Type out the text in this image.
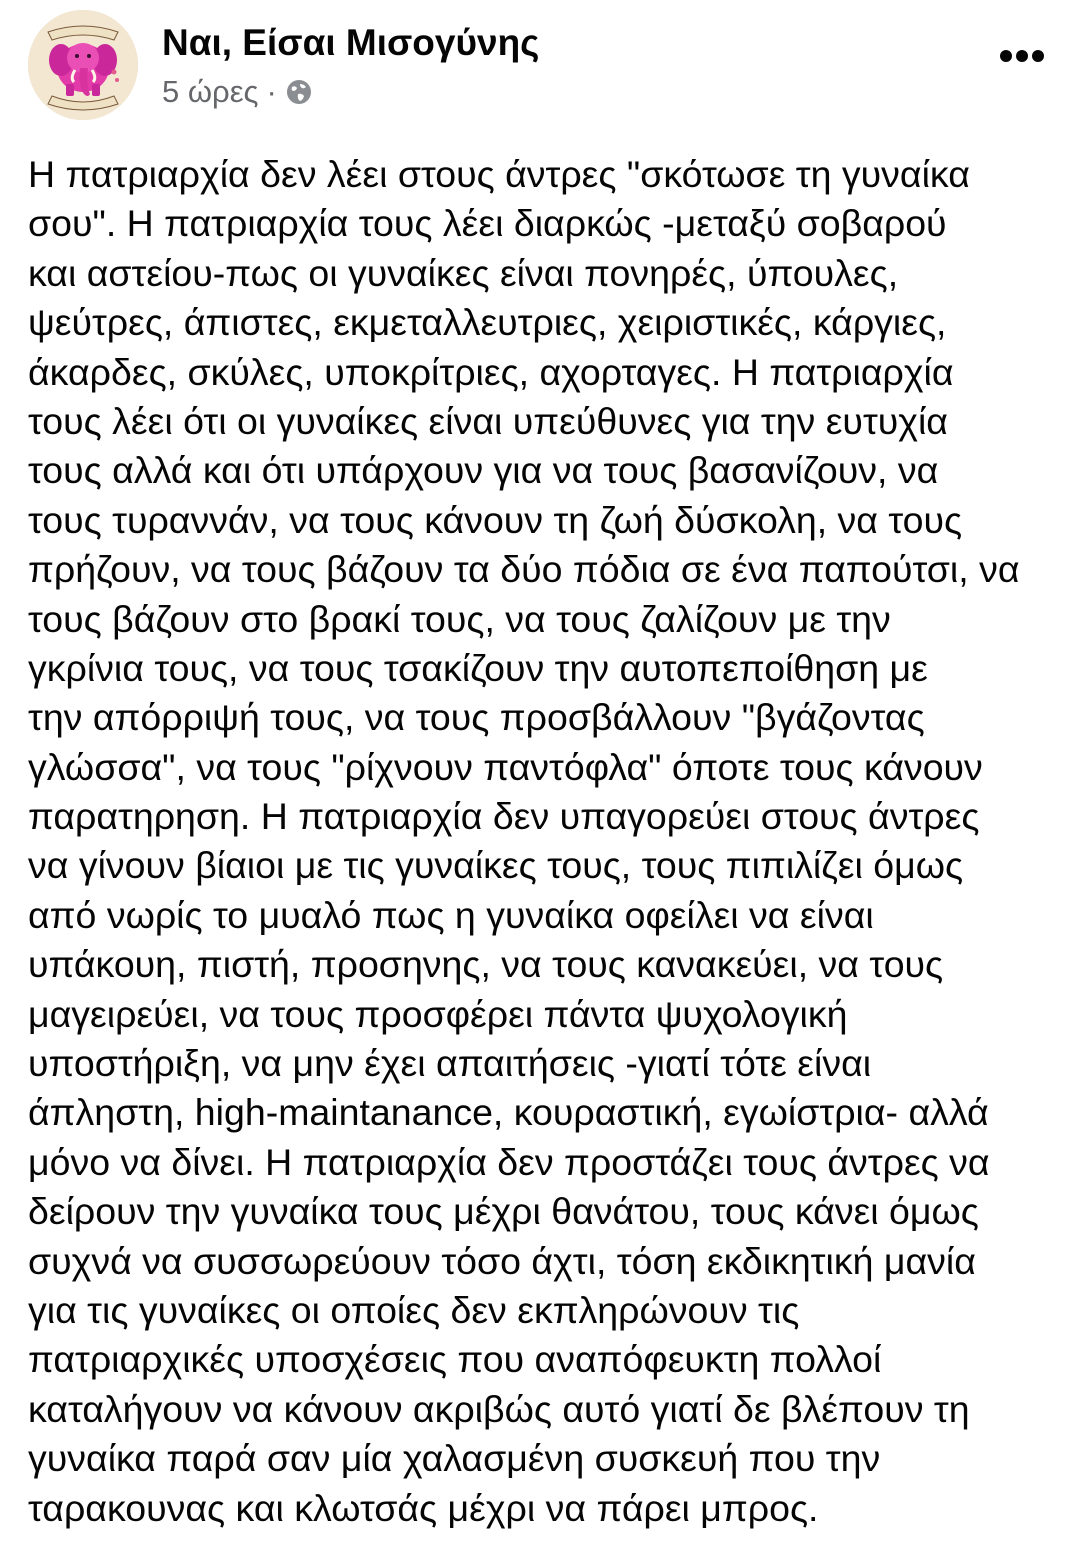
Ναι, Είσαι Μισογύνης
5 ώρες ·
Η πατριαρχία δεν λέει στους άντρες "σκότωσε τη γυναίκα
σου". Η πατριαρχία τους λέει διαρκώς -μεταξύ σοβαρού
και αστείου-πως οι γυναίκες είναι πονηρές, ύπουλες,
ψεύτρες, άπιστες, εκμεταλλευτριες, χειριστικές, κάργιες,
άκαρδες, σκύλες, υποκρίτριες, αχορταγες. Η πατριαρχία
τους λέει ότι οι γυναίκες είναι υπεύθυνες για την ευτυχία
τους αλλά και ότι υπάρχουν για να τους βασανίζουν, να
τους τυραννάν, να τους κάνουν τη ζωή δύσκολη, να τους
πρήζουν, να τους βάζουν τα δύο πόδια σε ένα παπούτσι, να
τους βάζουν στο βρακί τους, να τους ζαλίζουν με την
γκρίνια τους, να τους τσακίζουν την αυτοπεποίθηση με
την απόρριψή τους, να τους προσβάλλουν "βγάζοντας
γλώσσα", να τους "ρίχνουν παντόφλα" όποτε τους κάνουν
παρατηρηση. Η πατριαρχία δεν υπαγορεύει στους άντρες
να γίνουν βίαιοι με τις γυναίκες τους, τους πιπιλίζει όμως
από νωρίς το μυαλό πως η γυναίκα οφείλει να είναι
υπάκουη, πιστή, προσηνης, να τους κανακεύει, να τους
μαγειρεύει, να τους προσφέρει πάντα ψυχολογική
υποστήριξη, να μην έχει απαιτήσεις -γιατί τότε είναι
άπληστη, high-maintanance, κουραστική, εγωίστρια- αλλά
μόνο να δίνει. Η πατριαρχία δεν προστάζει τους άντρες να
δείρουν την γυναίκα τους μέχρι θανάτου, τους κάνει όμως
συχνά να συσσωρεύουν τόσο άχτι, τόση εκδικητική μανία
για τις γυναίκες οι οποίες δεν εκπληρώνουν τις
πατριαρχικές υποσχέσεις που αναπόφευκτη πολλοί
καταλήγουν να κάνουν ακριβώς αυτό γιατί δε βλέπουν τη
γυναίκα παρά σαν μία χαλασμένη συσκευή που την
ταρακουνας και κλωτσάς μέχρι να πάρει μπρος.
